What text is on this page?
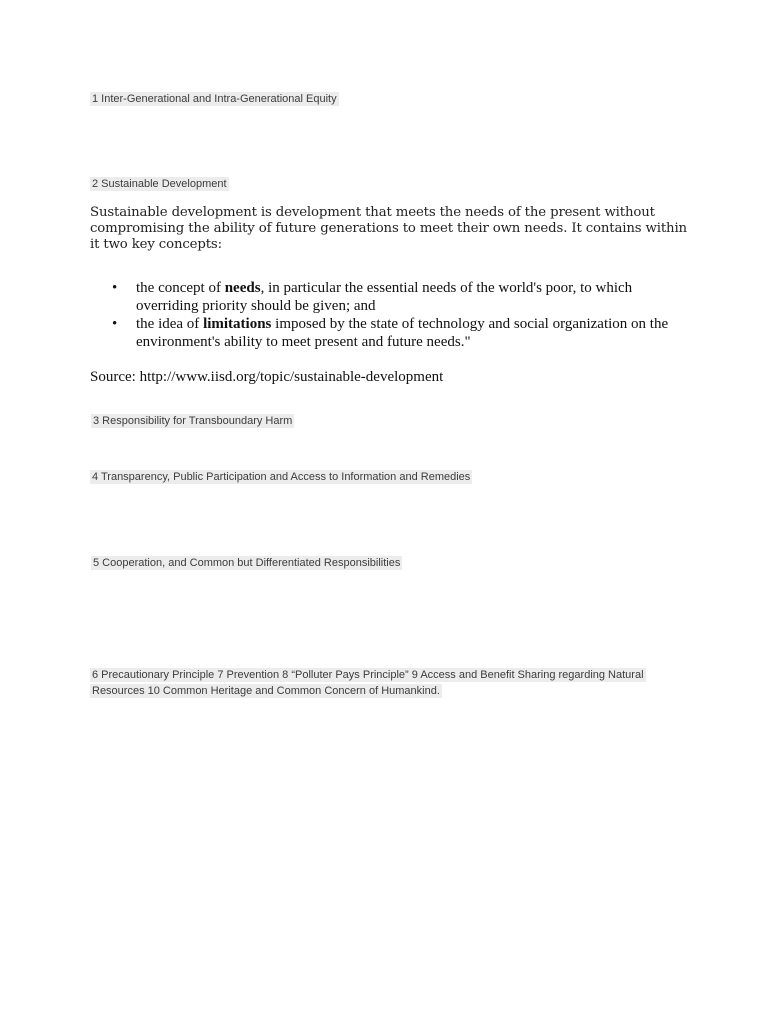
1 Inter-Generational and Intra-Generational Equity
2 Sustainable Development
Sustainable development is development that meets the needs of the present without compromising the ability of future generations to meet their own needs. It contains within it two key concepts:
• the concept of needs, in particular the essential needs of the world's poor, to which overriding priority should be given; and
• the idea of limitations imposed by the state of technology and social organization on the environment's ability to meet present and future needs."
Source: http://www.iisd.org/topic/sustainable-development
3 Responsibility for Transboundary Harm
4 Transparency, Public Participation and Access to Information and Remedies
5 Cooperation, and Common but Differentiated Responsibilities
6 Precautionary Principle 7 Prevention 8 “Polluter Pays Principle” 9 Access and Benefit Sharing regarding Natural Resources 10 Common Heritage and Common Concern of Humankind.
